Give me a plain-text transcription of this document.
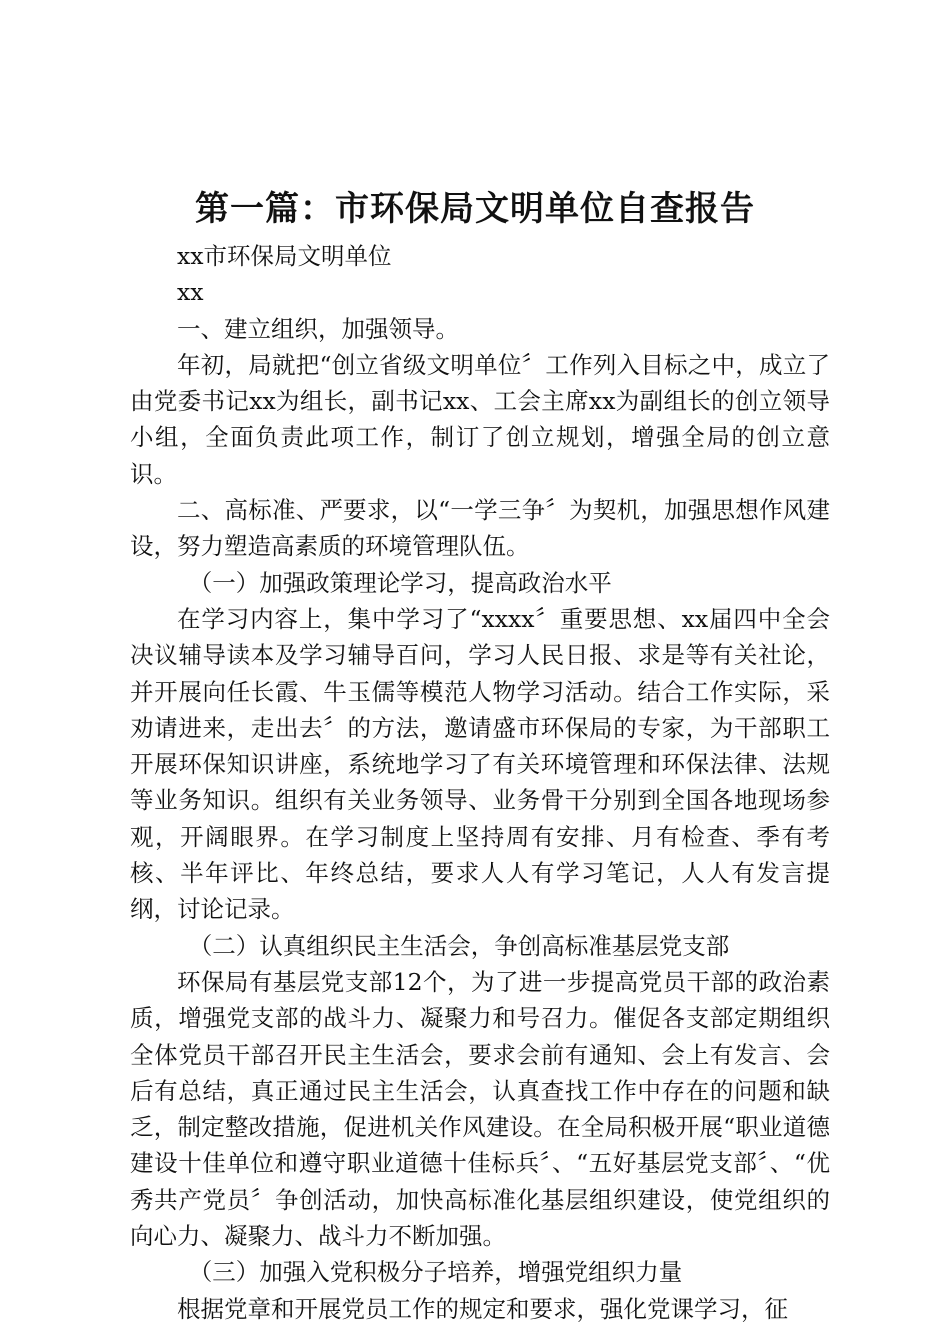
第一篇：市环保局文明单位自查报告

xx市环保局文明单位

xx

一、建立组织，加强领导。

年初，局就把“创立省级文明单位〞工作列入目标之中，成立了由党委书记xx为组长，副书记xx、工会主席xx为副组长的创立领导小组，全面负责此项工作，制订了创立规划，增强全局的创立意识。

二、高标准、严要求，以“一学三争〞为契机，加强思想作风建设，努力塑造高素质的环境管理队伍。

（一）加强政策理论学习，提高政治水平

在学习内容上，集中学习了“xxxx〞重要思想、xx届四中全会决议辅导读本及学习辅导百问，学习人民日报、求是等有关社论，并开展向任长霞、牛玉儒等模范人物学习活动。结合工作实际，采劝请进来，走出去〞的方法，邀请盛市环保局的专家，为干部职工开展环保知识讲座，系统地学习了有关环境管理和环保法律、法规等业务知识。组织有关业务领导、业务骨干分别到全国各地现场参观，开阔眼界。在学习制度上坚持周有安排、月有检查、季有考核、半年评比、年终总结，要求人人有学习笔记，人人有发言提纲，讨论记录。

（二）认真组织民主生活会，争创高标准基层党支部

环保局有基层党支部12个，为了进一步提高党员干部的政治素质，增强党支部的战斗力、凝聚力和号召力。催促各支部定期组织全体党员干部召开民主生活会，要求会前有通知、会上有发言、会后有总结，真正通过民主生活会，认真查找工作中存在的问题和缺乏，制定整改措施，促进机关作风建设。在全局积极开展“职业道德建设十佳单位和遵守职业道德十佳标兵〞、“五好基层党支部〞、“优秀共产党员〞争创活动，加快高标准化基层组织建设，使党组织的向心力、凝聚力、战斗力不断加强。

（三）加强入党积极分子培养，增强党组织力量

根据党章和开展党员工作的规定和要求，强化党课学习，征
